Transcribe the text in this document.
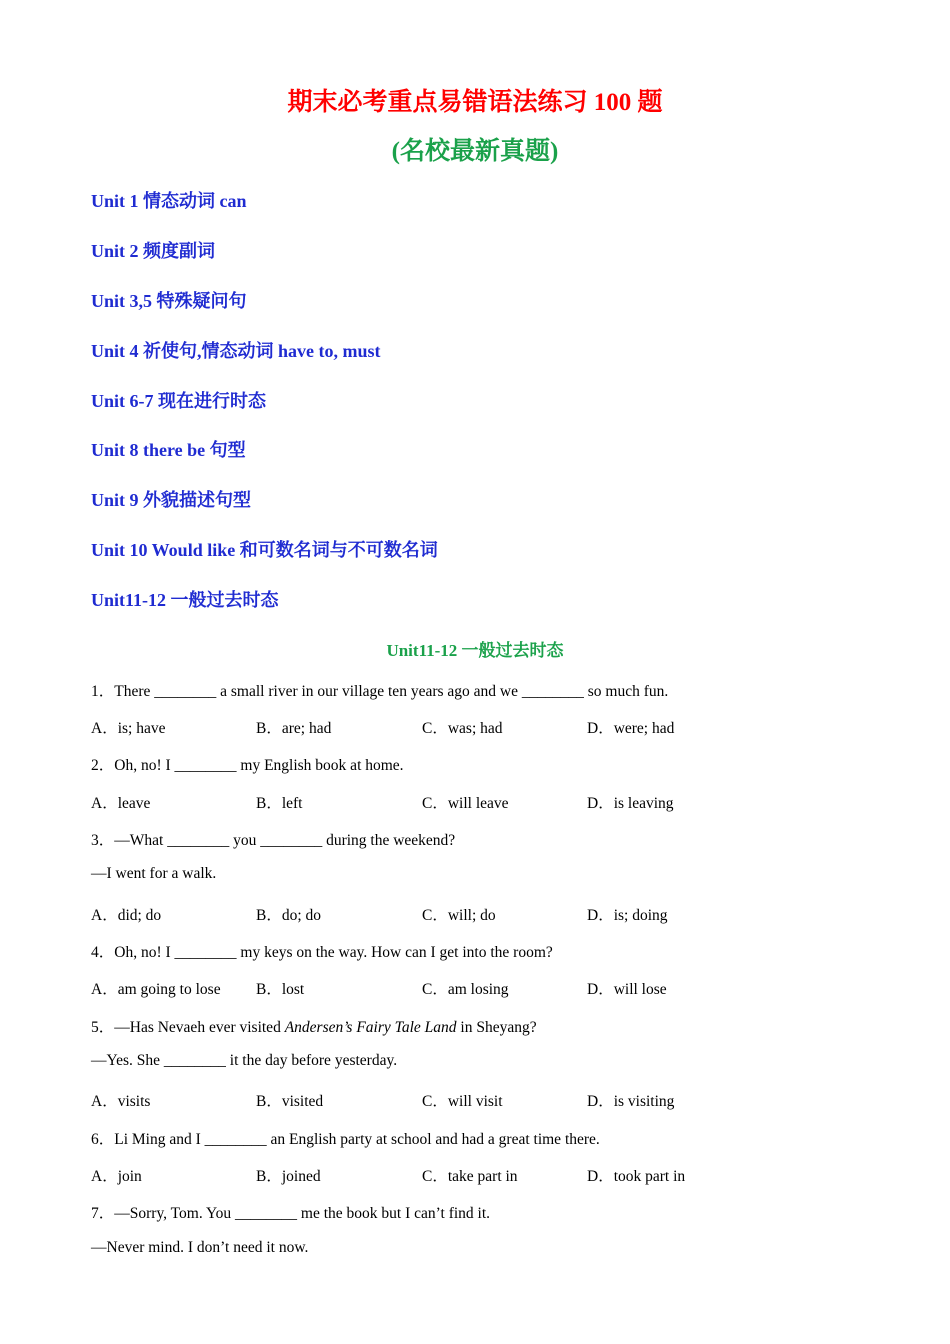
期末必考重点易错语法练习 100 题
(名校最新真题)
Unit 1 情态动词 can
Unit 2 频度副词
Unit 3,5 特殊疑问句
Unit 4 祈使句,情态动词 have to, must
Unit 6-7 现在进行时态
Unit 8 there be 句型
Unit 9 外貌描述句型
Unit 10 Would like 和可数名词与不可数名词
Unit11-12 一般过去时态
Unit11-12 一般过去时态
1．There ________ a small river in our village ten years ago and we ________ so much fun.
A．is; have	B．are; had	C．was; had	D．were; had
2．Oh, no! I ________ my English book at home.
A．leave	B．left	C．will leave	D．is leaving
3．—What ________ you ________ during the weekend?
—I went for a walk.
A．did; do	B．do; do	C．will; do	D．is; doing
4．Oh, no! I ________ my keys on the way. How can I get into the room?
A．am going to lose B．lost	C．am losing	D．will lose
5．—Has Nevaeh ever visited Andersen’s Fairy Tale Land in Sheyang?
—Yes. She ________ it the day before yesterday.
A．visits	B．visited	C．will visit	D．is visiting
6．Li Ming and I ________ an English party at school and had a great time there.
A．join	B．joined	C．take part in	D．took part in
7．—Sorry, Tom. You ________ me the book but I can’t find it.
—Never mind. I don’t need it now.
